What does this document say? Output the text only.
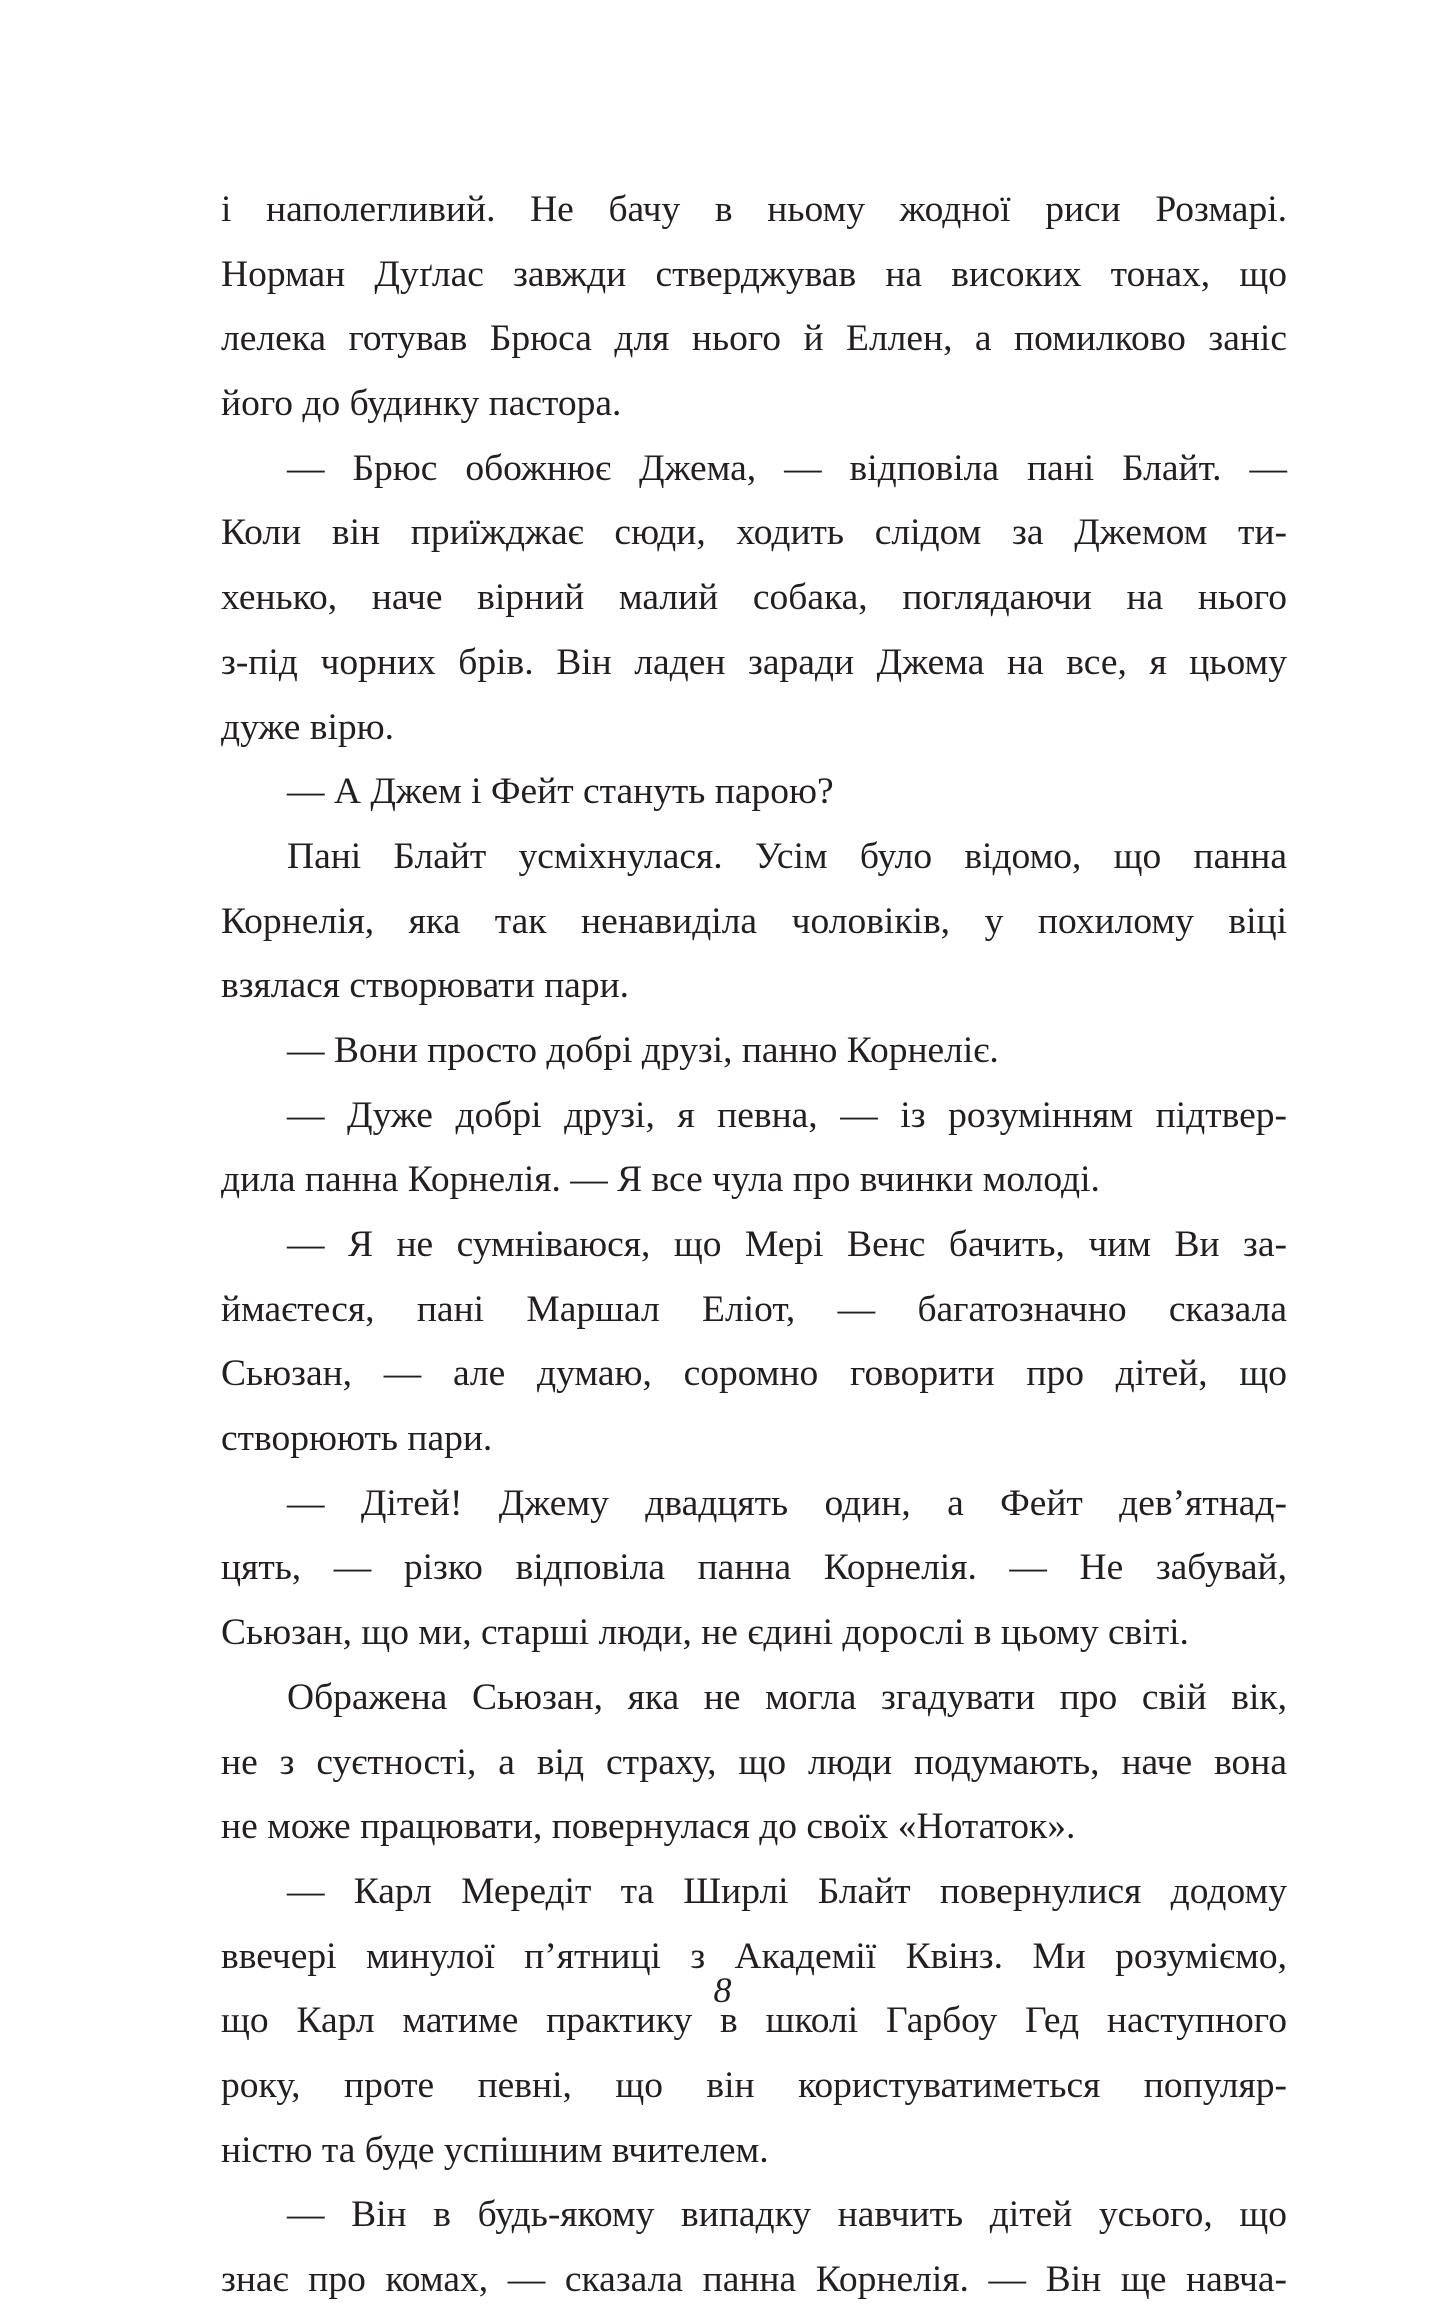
і наполегливий. Не бачу в ньому жодної риси Розмарі.
Норман Дуґлас завжди стверджував на високих тонах, що
лелека готував Брюса для нього й Еллен, а помилково заніс
його до будинку пастора.
— Брюс обожнює Джема, — відповіла пані Блайт. —
Коли він приїжджає сюди, ходить слідом за Джемом ти-
хенько, наче вірний малий собака, поглядаючи на нього
з-під чорних брів. Він ладен заради Джема на все, я цьому
дуже вірю.
— А Джем і Фейт стануть парою?
Пані Блайт усміхнулася. Усім було відомо, що панна
Корнелія, яка так ненавиділа чоловіків, у похилому віці
взялася створювати пари.
— Вони просто добрі друзі, панно Корнеліє.
— Дуже добрі друзі, я певна, — із розумінням підтвер-
дила панна Корнелія. — Я все чула про вчинки молоді.
— Я не сумніваюся, що Мері Венс бачить, чим Ви за-
ймаєтеся, пані Маршал Еліот, — багатозначно сказала
Сьюзан, — але думаю, соромно говорити про дітей, що
створюють пари.
— Дітей! Джему двадцять один, а Фейт дев’ятнад-
цять, — різко відповіла панна Корнелія. — Не забувай,
Сьюзан, що ми, старші люди, не єдині дорослі в цьому світі.
Ображена Сьюзан, яка не могла згадувати про свій вік,
не з суєтності, а від страху, що люди подумають, наче вона
не може працювати, повернулася до своїх «Нотаток».
— Карл Мередіт та Ширлі Блайт повернулися додому
ввечері минулої п’ятниці з Академії Квінз. Ми розуміємо,
що Карл матиме практику в школі Гарбоу Гед наступного
року, проте певні, що він користуватиметься популяр-
ністю та буде успішним вчителем.
— Він в будь-якому випадку навчить дітей усього, що
знає про комах, — сказала панна Корнелія. — Він ще навча-
8
